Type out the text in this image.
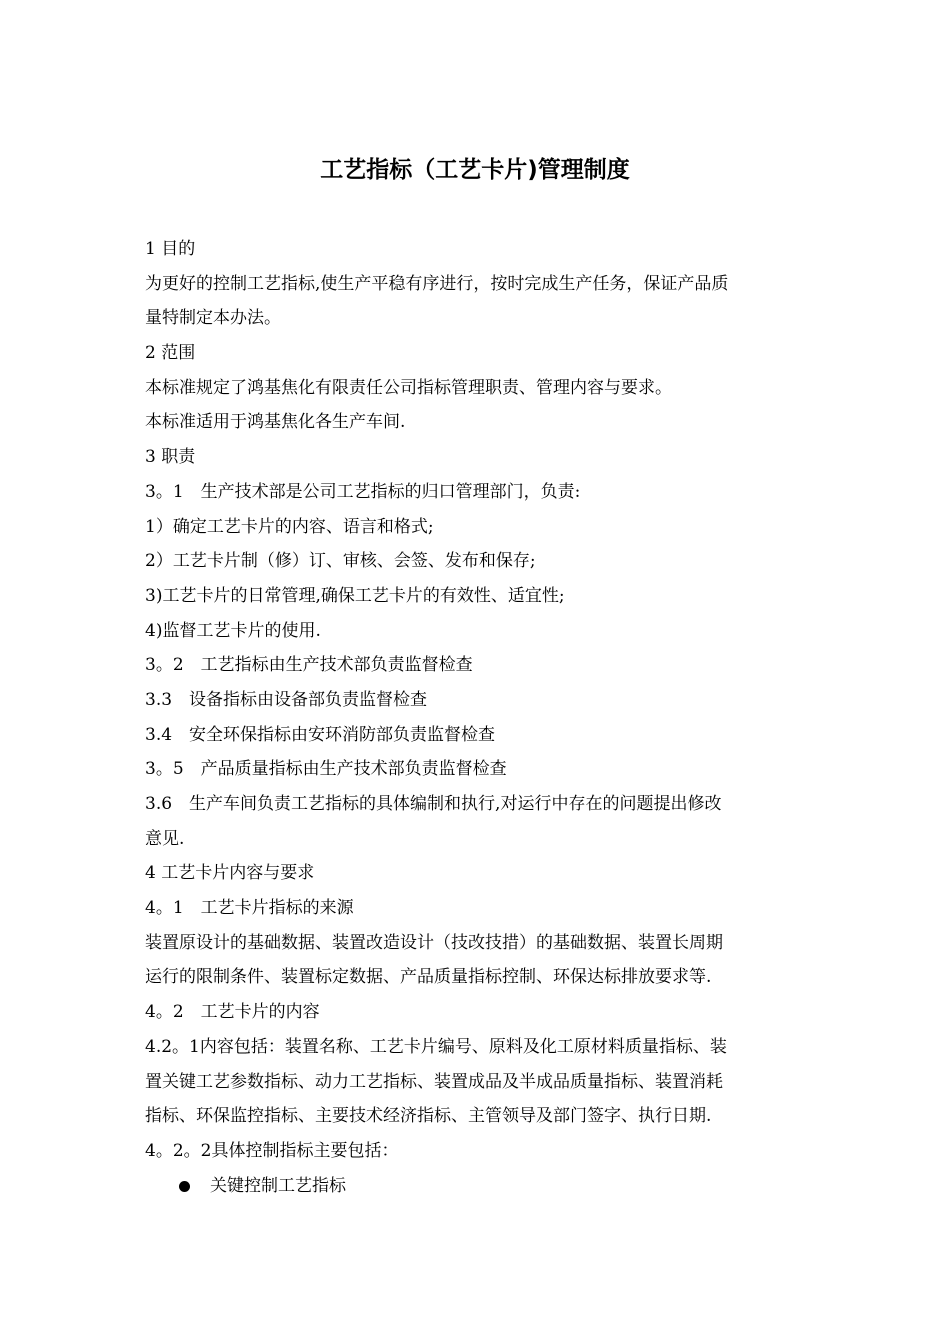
工艺指标（工艺卡片)管理制度
1 目的
为更好的控制工艺指标,使生产平稳有序进行，按时完成生产任务，保证产品质
量特制定本办法。
2 范围
本标准规定了鸿基焦化有限责任公司指标管理职责、管理内容与要求。
本标准适用于鸿基焦化各生产车间.
3 职责
3。1　生产技术部是公司工艺指标的归口管理部门，负责:
1）确定工艺卡片的内容、语言和格式;
2）工艺卡片制（修）订、审核、会签、发布和保存;
3)工艺卡片的日常管理,确保工艺卡片的有效性、适宜性;
4)监督工艺卡片的使用.
3。2　工艺指标由生产技术部负责监督检查
3.3　设备指标由设备部负责监督检查
3.4　安全环保指标由安环消防部负责监督检查
3。5　产品质量指标由生产技术部负责监督检查
3.6　生产车间负责工艺指标的具体编制和执行,对运行中存在的问题提出修改
意见.
4 工艺卡片内容与要求
4。1　工艺卡片指标的来源
装置原设计的基础数据、装置改造设计（技改技措）的基础数据、装置长周期
运行的限制条件、装置标定数据、产品质量指标控制、环保达标排放要求等.
4。2　工艺卡片的内容
4.2。1内容包括：装置名称、工艺卡片编号、原料及化工原材料质量指标、装
置关键工艺参数指标、动力工艺指标、装置成品及半成品质量指标、装置消耗
指标、环保监控指标、主要技术经济指标、主管领导及部门签字、执行日期.
4。2。2具体控制指标主要包括：
关键控制工艺指标
